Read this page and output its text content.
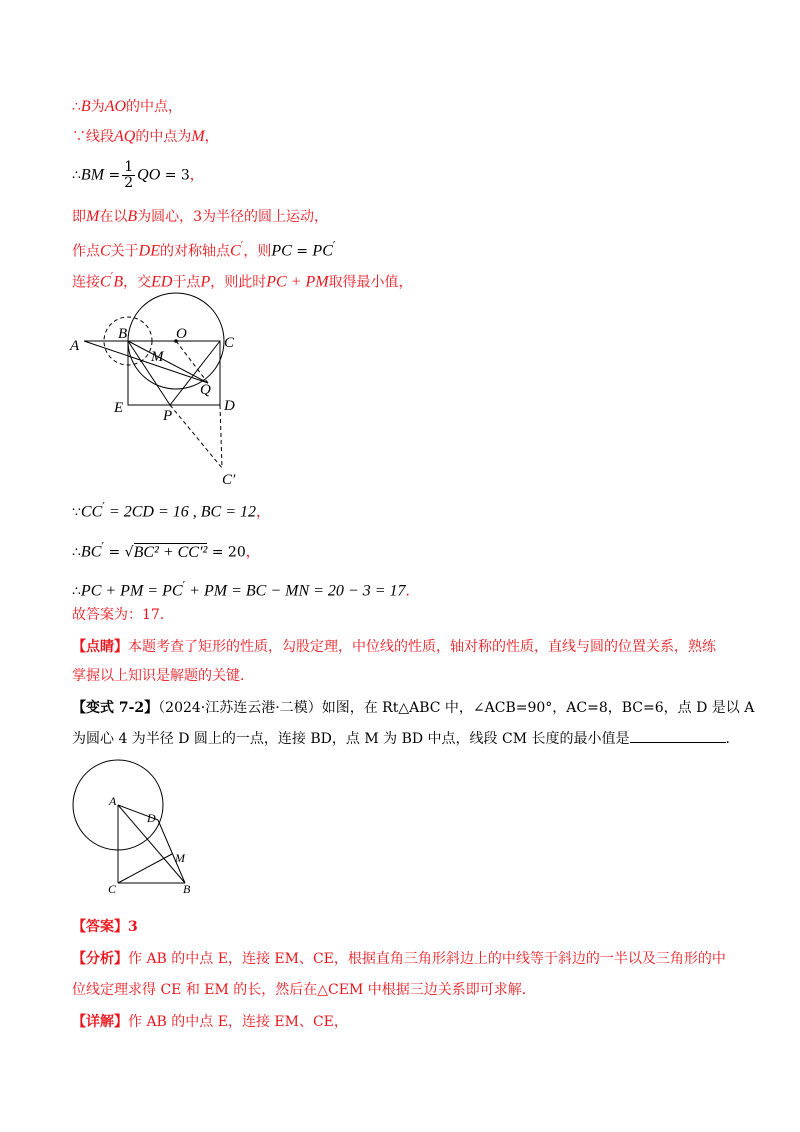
∴B为AO的中点，
∵线段AQ的中点为M，
∴BM = $\frac{1}{2}$ QO = 3，
即M在以B为圆心，3为半径的圆上运动，
作点C关于DE的对称轴点C′，则PC = PC′
连接C′B，交ED于点P，则此时PC + PM取得最小值，
A
B	O
C
M
Q
E	P
D
C′
∵CC′ = 2CD = 16 , BC = 12，
∴BC′ = √BC² + CC′² = 20，
∴PC + PM = PC′ + PM = BC − MN = 20 − 3 = 17．
故答案为：17．
【点睛】本题考查了矩形的性质，勾股定理，中位线的性质，轴对称的性质，直线与圆的位置关系，熟练
掌握以上知识是解题的关键．
【变式 7-2】（2024·江苏连云港·二模）如图，在 Rt△ABC 中，∠ACB=90°，AC=8，BC=6，点 D 是以 A
为圆心 4 为半径 D 圆上的一点，连接 BD，点 M 为 BD 中点，线段 CM 长度的最小值是	．
A
D
M
C	B
【答案】3
【分析】作 AB 的中点 E，连接 EM、CE，根据直角三角形斜边上的中线等于斜边的一半以及三角形的中
位线定理求得 CE 和 EM 的长，然后在△CEM 中根据三边关系即可求解．
【详解】作 AB 的中点 E，连接 EM、CE，
